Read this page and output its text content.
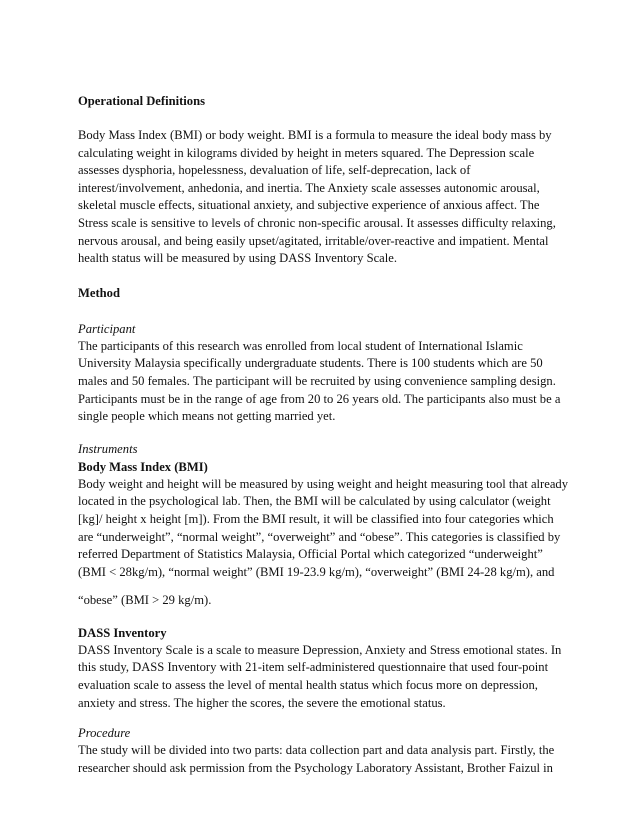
Operational Definitions

Body Mass Index (BMI) or body weight. BMI is a formula to measure the ideal body mass by
calculating weight in kilograms divided by height in meters squared. The Depression scale
assesses dysphoria, hopelessness, devaluation of life, self-deprecation, lack of
interest/involvement, anhedonia, and inertia. The Anxiety scale assesses autonomic arousal,
skeletal muscle effects, situational anxiety, and subjective experience of anxious affect. The
Stress scale is sensitive to levels of chronic non-specific arousal. It assesses difficulty relaxing,
nervous arousal, and being easily upset/agitated, irritable/over-reactive and impatient. Mental
health status will be measured by using DASS Inventory Scale.

Method

Participant

The participants of this research was enrolled from local student of International Islamic
University Malaysia specifically undergraduate students. There is 100 students which are 50
males and 50 females. The participant will be recruited by using convenience sampling design.
Participants must be in the range of age from 20 to 26 years old. The participants also must be a
single people which means not getting married yet.

Instruments

Body Mass Index (BMI)

Body weight and height will be measured by using weight and height measuring tool that already
located in the psychological lab. Then, the BMI will be calculated by using calculator (weight
[kg]/ height x height [m]). From the BMI result, it will be classified into four categories which
are “underweight”, “normal weight”, “overweight” and “obese”. This categories is classified by
referred Department of Statistics Malaysia, Official Portal which categorized “underweight”
(BMI < 28kg/m), “normal weight” (BMI 19-23.9 kg/m), “overweight” (BMI 24-28 kg/m), and

“obese” (BMI > 29 kg/m).

DASS Inventory

DASS Inventory Scale is a scale to measure Depression, Anxiety and Stress emotional states. In
this study, DASS Inventory with 21-item self-administered questionnaire that used four-point
evaluation scale to assess the level of mental health status which focus more on depression,
anxiety and stress. The higher the scores, the severe the emotional status.

Procedure

The study will be divided into two parts: data collection part and data analysis part. Firstly, the
researcher should ask permission from the Psychology Laboratory Assistant, Brother Faizul in
